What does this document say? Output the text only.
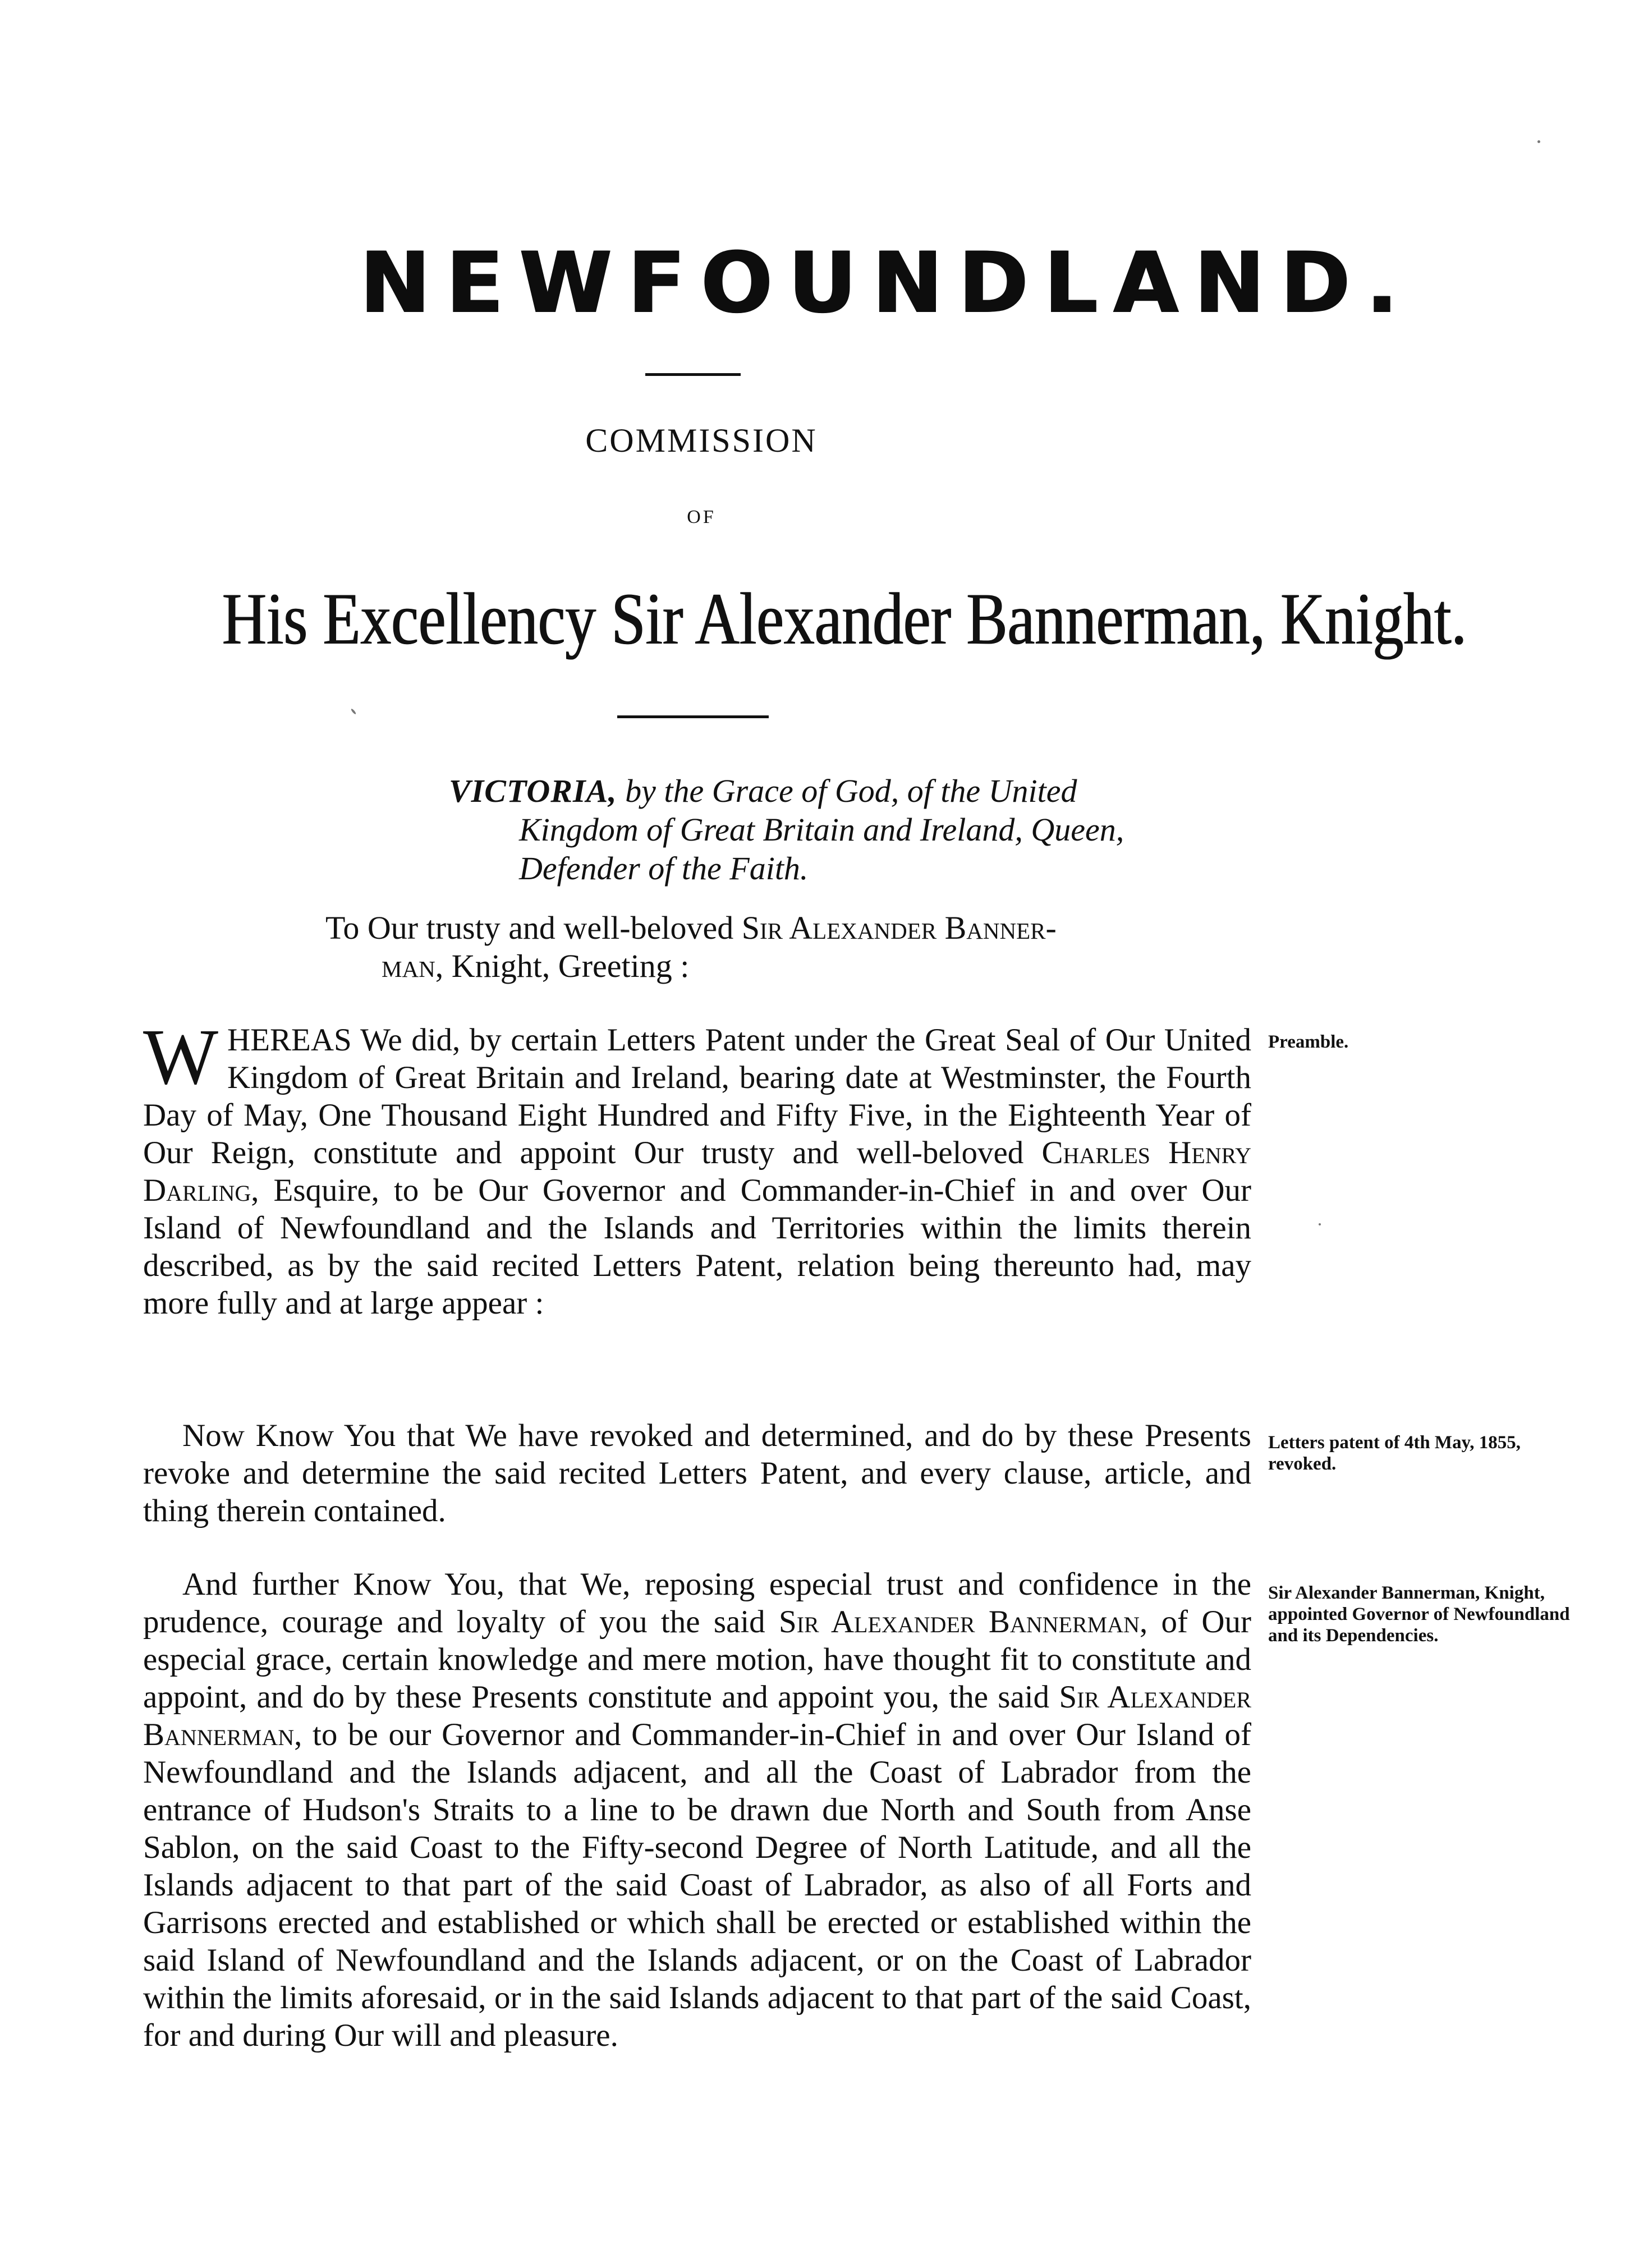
NEWFOUNDLAND.
COMMISSION
OF
His Excellency Sir Alexander Bannerman, Knight.
VICTORIA, by the Grace of God, of the United
Kingdom of Great Britain and Ireland, Queen,
Defender of the Faith.
To Our trusty and well-beloved Sir Alexander Banner-
man, Knight, Greeting :
WHEREAS We did, by certain Letters Patent under the Great Seal of Our United Kingdom of Great Britain and Ireland, bearing date at Westminster, the Fourth Day of May, One Thousand Eight Hundred and Fifty Five, in the Eighteenth Year of Our Reign, constitute and appoint Our trusty and well-beloved Charles Henry Darling, Esquire, to be Our Governor and Commander-in-Chief in and over Our Island of Newfoundland and the Islands and Territories within the limits therein described, as by the said recited Letters Patent, relation being thereunto had, may more fully and at large appear :
Now Know You that We have revoked and determined, and do by these Presents revoke and determine the said recited Letters Patent, and every clause, article, and thing therein contained.
And further Know You, that We, reposing especial trust and confidence in the prudence, courage and loyalty of you the said Sir Alexander Bannerman, of Our especial grace, certain knowledge and mere motion, have thought fit to constitute and appoint, and do by these Presents constitute and appoint you, the said Sir Alexander Bannerman, to be our Governor and Commander-in-Chief in and over Our Island of Newfoundland and the Islands adjacent, and all the Coast of Labrador from the entrance of Hudson's Straits to a line to be drawn due North and South from Anse Sablon, on the said Coast to the Fifty-second Degree of North Latitude, and all the Islands adjacent to that part of the said Coast of Labrador, as also of all Forts and Garrisons erected and established or which shall be erected or established within the said Island of Newfoundland and the Islands adjacent, or on the Coast of Labrador within the limits aforesaid, or in the said Islands adjacent to that part of the said Coast, for and during Our will and pleasure.
Preamble.
Letters patent of 4th May, 1855, revoked.
Sir Alexander Bannerman, Knight, appointed Governor of Newfoundland and its Dependencies.
